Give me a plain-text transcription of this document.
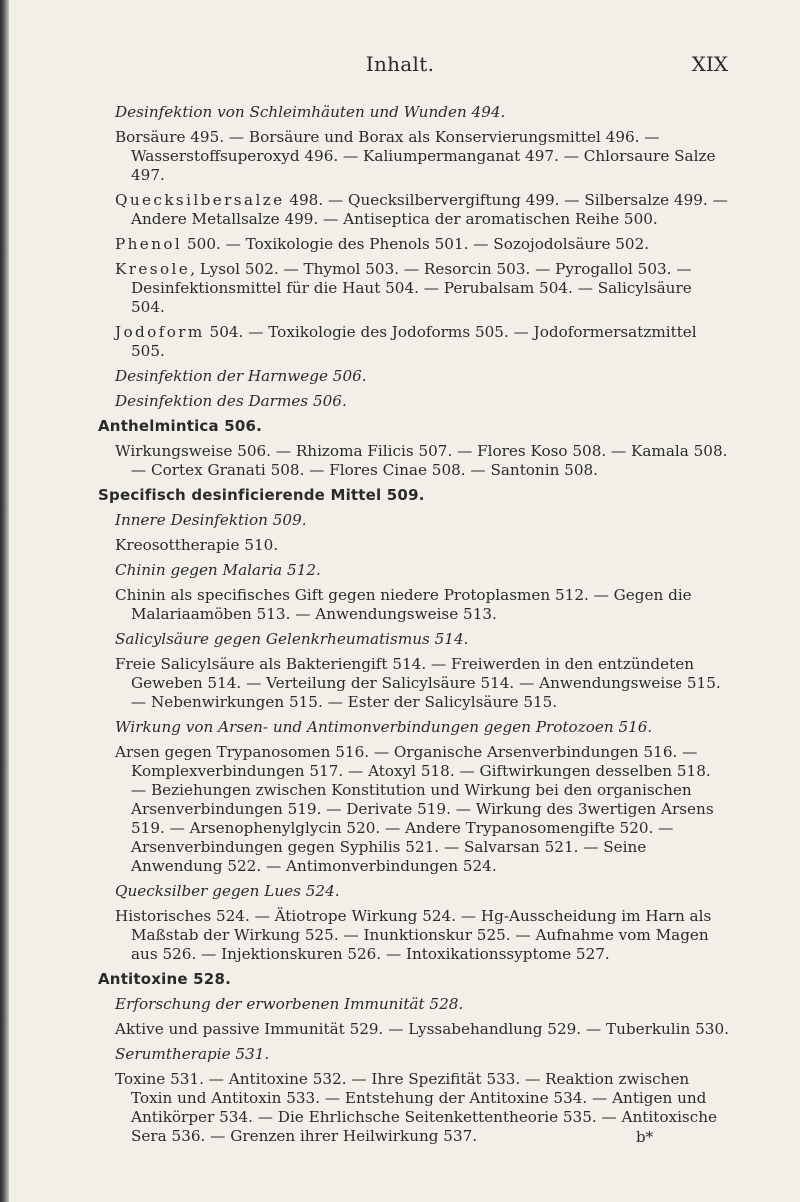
Inhalt.	XIX
Desinfektion von Schleimhäuten und Wunden 494.
Borsäure 495. — Borsäure und Borax als Konservierungsmittel 496. — Wasserstoffsuperoxyd 496. — Kaliumpermanganat 497. — Chlorsaure Salze 497.
Quecksilbersalze 498. — Quecksilbervergiftung 499. — Silbersalze 499. — Andere Metallsalze 499. — Antiseptica der aromatischen Reihe 500.
Phenol 500. — Toxikologie des Phenols 501. — Sozojodolsäure 502.
Kresole, Lysol 502. — Thymol 503. — Resorcin 503. — Pyrogallol 503. — Desinfektionsmittel für die Haut 504. — Perubalsam 504. — Salicylsäure 504.
Jodoform 504. — Toxikologie des Jodoforms 505. — Jodoformersatzmittel 505.
Desinfektion der Harnwege 506.
Desinfektion des Darmes 506.
Anthelmintica 506.
Wirkungsweise 506. — Rhizoma Filicis 507. — Flores Koso 508. — Kamala 508. — Cortex Granati 508. — Flores Cinae 508. — Santonin 508.
Specifisch desinficierende Mittel 509.
Innere Desinfektion 509.
Kreosottherapie 510.
Chinin gegen Malaria 512.
Chinin als specifisches Gift gegen niedere Protoplasmen 512. — Gegen die Malariaamöben 513. — Anwendungsweise 513.
Salicylsäure gegen Gelenkrheumatismus 514.
Freie Salicylsäure als Bakteriengift 514. — Freiwerden in den entzündeten Geweben 514. — Verteilung der Salicylsäure 514. — Anwendungsweise 515. — Nebenwirkungen 515. — Ester der Salicylsäure 515.
Wirkung von Arsen- und Antimonverbindungen gegen Protozoen 516.
Arsen gegen Trypanosomen 516. — Organische Arsenverbindungen 516. — Komplexverbindungen 517. — Atoxyl 518. — Giftwirkungen desselben 518. — Beziehungen zwischen Konstitution und Wirkung bei den organischen Arsenverbindungen 519. — Derivate 519. — Wirkung des 3wertigen Arsens 519. — Arsenophenylglycin 520. — Andere Trypanosomengifte 520. — Arsenverbindungen gegen Syphilis 521. — Salvarsan 521. — Seine Anwendung 522. — Antimonverbindungen 524.
Quecksilber gegen Lues 524.
Historisches 524. — Ätiotrope Wirkung 524. — Hg-Ausscheidung im Harn als Maßstab der Wirkung 525. — Inunktionskur 525. — Aufnahme vom Magen aus 526. — Injektionskuren 526. — Intoxikationssyptome 527.
Antitoxine 528.
Erforschung der erworbenen Immunität 528.
Aktive und passive Immunität 529. — Lyssabehandlung 529. — Tuberkulin 530.
Serumtherapie 531.
Toxine 531. — Antitoxine 532. — Ihre Spezifität 533. — Reaktion zwischen Toxin und Antitoxin 533. — Entstehung der Antitoxine 534. — Antigen und Antikörper 534. — Die Ehrlichsche Seitenkettentheorie 535. — Antitoxische Sera 536. — Grenzen ihrer Heilwirkung 537.	b*
